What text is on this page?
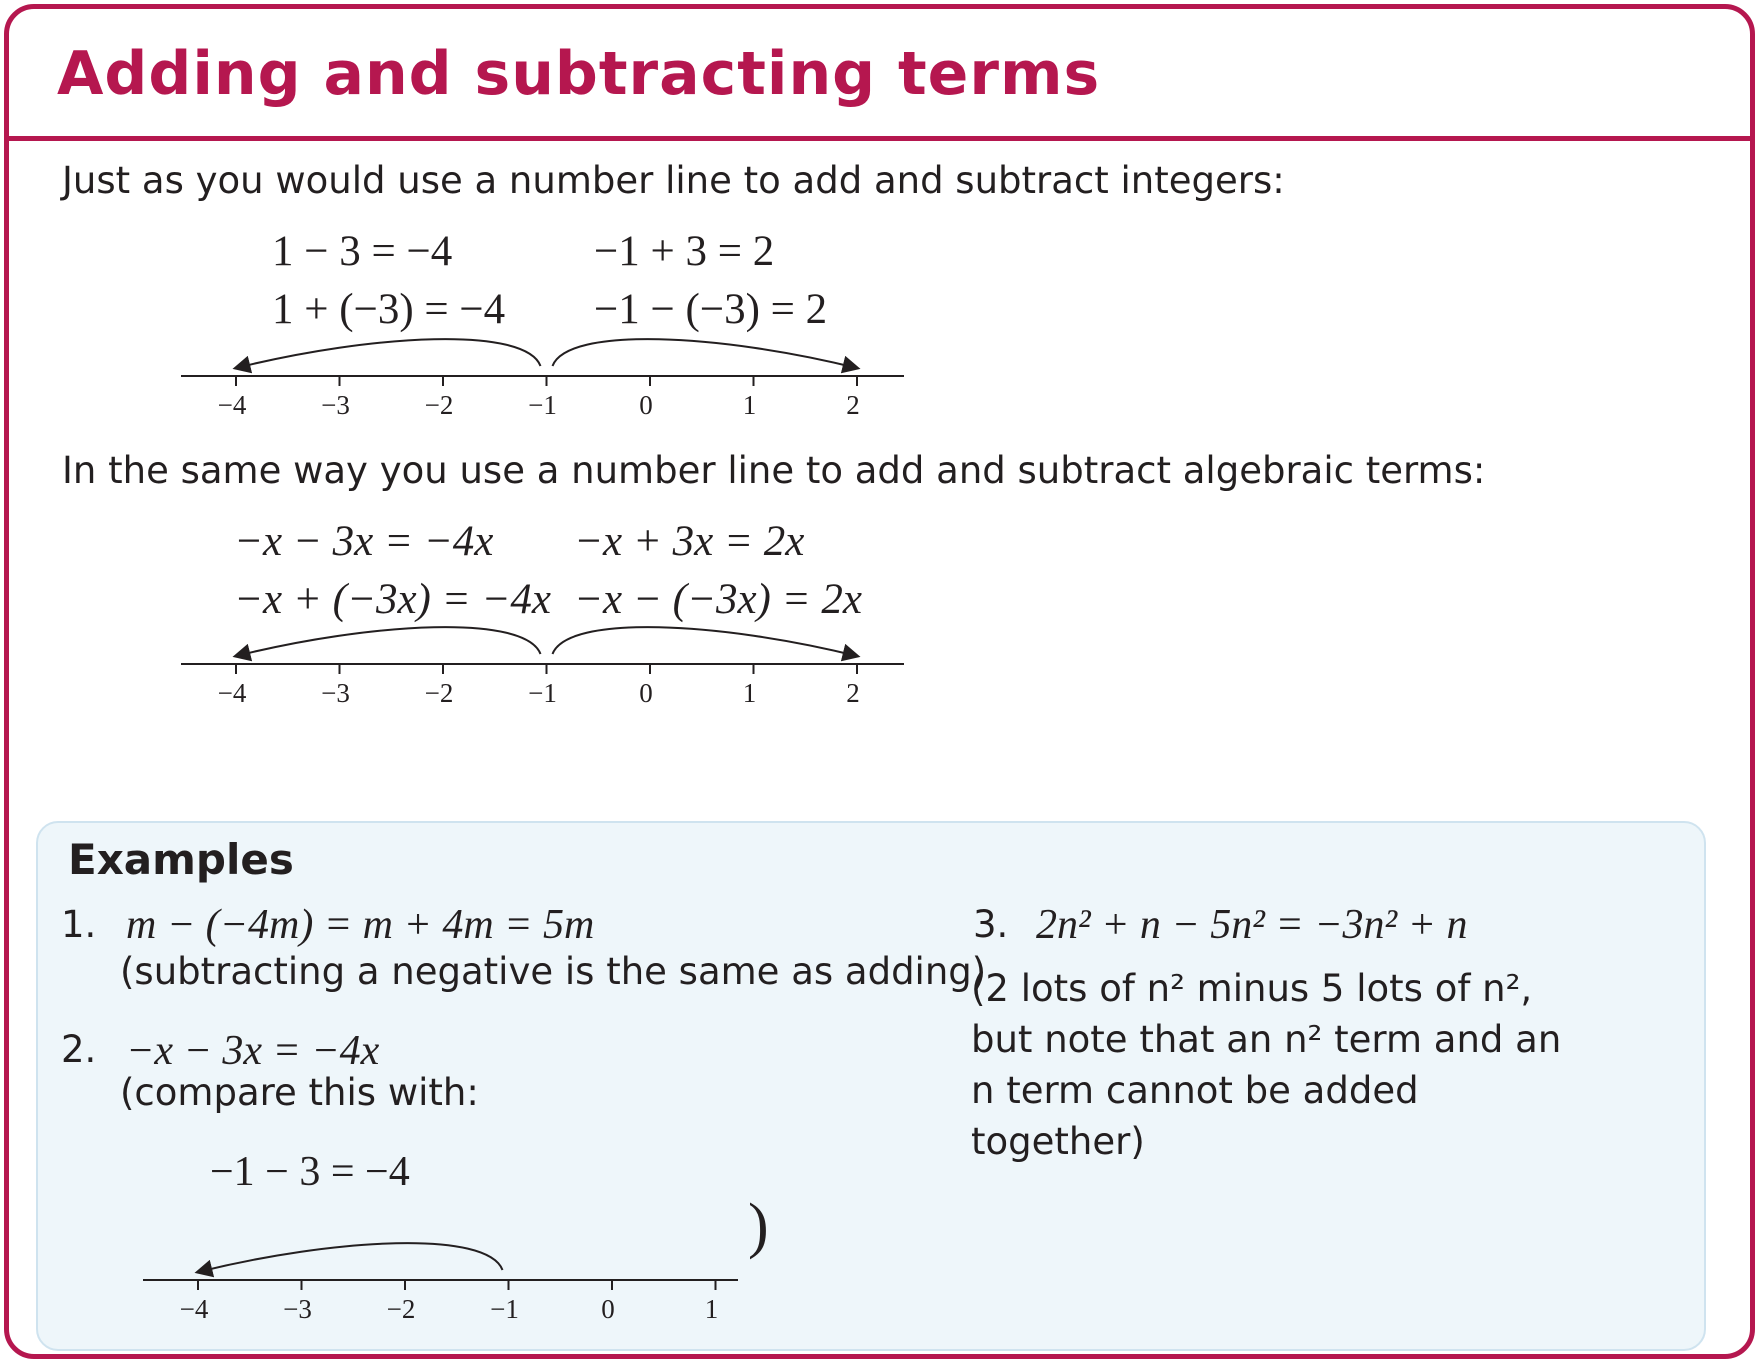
Adding and subtracting terms

Just as you would use a number line to add and subtract integers:

1 − 3 = −4	−1 + 3 = 2

1 + (−3) = −4 −1 − (−3) = 2

−4	−3	−2	−1	0	1	2

In the same way you use a number line to add and subtract algebraic terms:

−x − 3x = −4x −x + 3x = 2x

−x + (−3x) = −4x −x − (−3x) = 2x

−4	−3	−2	−1	0	1	2
Examples

1. m − (−4m) = m + 4m = 5m

(subtracting a negative is the same as adding)

2. −x − 3x = −4x

(compare this with:

−1 − 3 = −4

−4	−3	−2	−1	0	1

)

3. 2n² + n − 5n² = −3n² + n

(2 lots of n² minus 5 lots of n², but note that an n² term and an n term cannot be added together)
